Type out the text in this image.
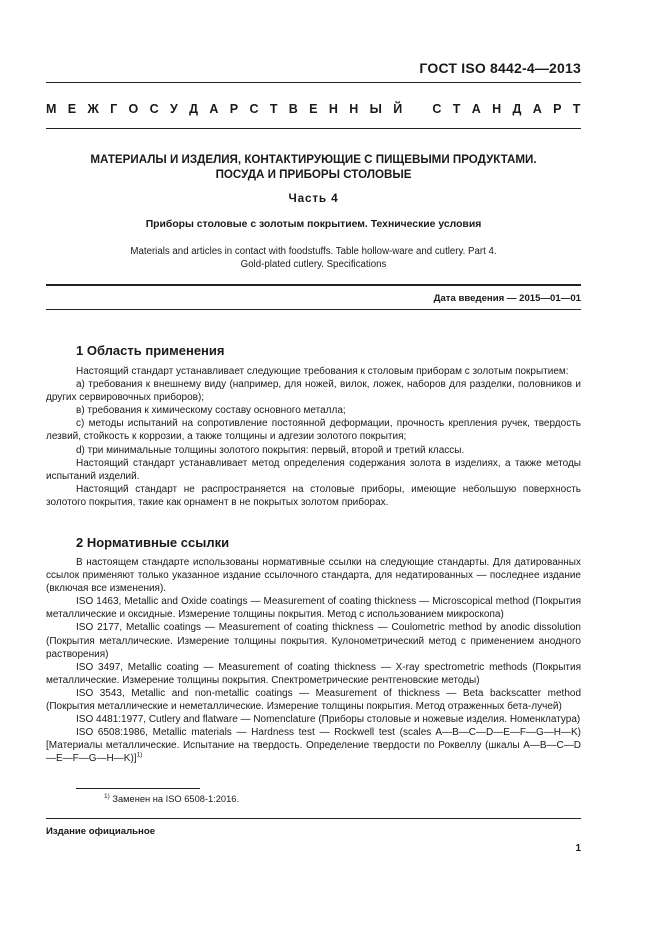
ГОСТ ISO 8442-4—2013
М Е Ж Г О С У Д А Р С Т В Е Н Н Ы Й
С Т А Н Д А Р Т
МАТЕРИАЛЫ И ИЗДЕЛИЯ, КОНТАКТИРУЮЩИЕ С ПИЩЕВЫМИ ПРОДУКТАМИ.
ПОСУДА И ПРИБОРЫ СТОЛОВЫЕ
Часть 4
Приборы столовые с золотым покрытием. Технические условия
Materials and articles in contact with foodstuffs. Table hollow-ware and cutlery. Part 4.
Gold-plated cutlery. Specifications
Дата введения — 2015—01—01
1 Область применения

Настоящий стандарт устанавливает следующие требования к столовым приборам с золотым покрытием:

а) требования к внешнему виду (например, для ножей, вилок, ложек, наборов для разделки, половников и других сервировочных приборов);

в) требования к химическому составу основного металла;

с) методы испытаний на сопротивление постоянной деформации, прочность крепления ручек, твердость лезвий, стойкость к коррозии, а также толщины и адгезии золотого покрытия;

d) три минимальные толщины золотого покрытия: первый, второй и третий классы.

Настоящий стандарт устанавливает метод определения содержания золота в изделиях, а также методы испытаний изделий.

Настоящий стандарт не распространяется на столовые приборы, имеющие небольшую поверхность золотого покрытия, такие как орнамент в не покрытых золотом приборах.

2 Нормативные ссылки

В настоящем стандарте использованы нормативные ссылки на следующие стандарты. Для датированных ссылок применяют только указанное издание ссылочного стандарта, для недатированных — последнее издание (включая все изменения).

ISO 1463, Metallic and Oxide coatings — Measurement of coating thickness — Microscopical method (Покрытия металлические и оксидные. Измерение толщины покрытия. Метод с использованием микроскопа)

ISO 2177, Metallic coatings — Measurement of coating thickness — Coulometric method by anodic dissolution (Покрытия металлические. Измерение толщины покрытия. Кулонометрический метод с применением анодного растворения)

ISO 3497, Metallic coating — Measurement of coating thickness — X-ray spectrometric methods (Покрытия металлические. Измерение толщины покрытия. Спектрометрические рентгеновские методы)

ISO 3543, Metallic and non-metallic coatings — Measurement of thickness — Beta backscatter method (Покрытия металлические и неметаллические. Измерение толщины покрытия. Метод отраженных бета-лучей)

ISO 4481:1977, Cutlery and flatware — Nomenclature (Приборы столовые и ножевые изделия. Номенклатура)

ISO 6508:1986, Metallic materials — Hardness test — Rockwell test (scales A—B—C—D—E—F—G—H—K) [Материалы металлические. Испытание на твердость. Определение твердости по Роквеллу (шкалы A—B—C—D—E—F—G—H—K)]$^{1)}$

$^{1)}$ Заменен на ISO 6508-1:2016.
Издание официальное
1
